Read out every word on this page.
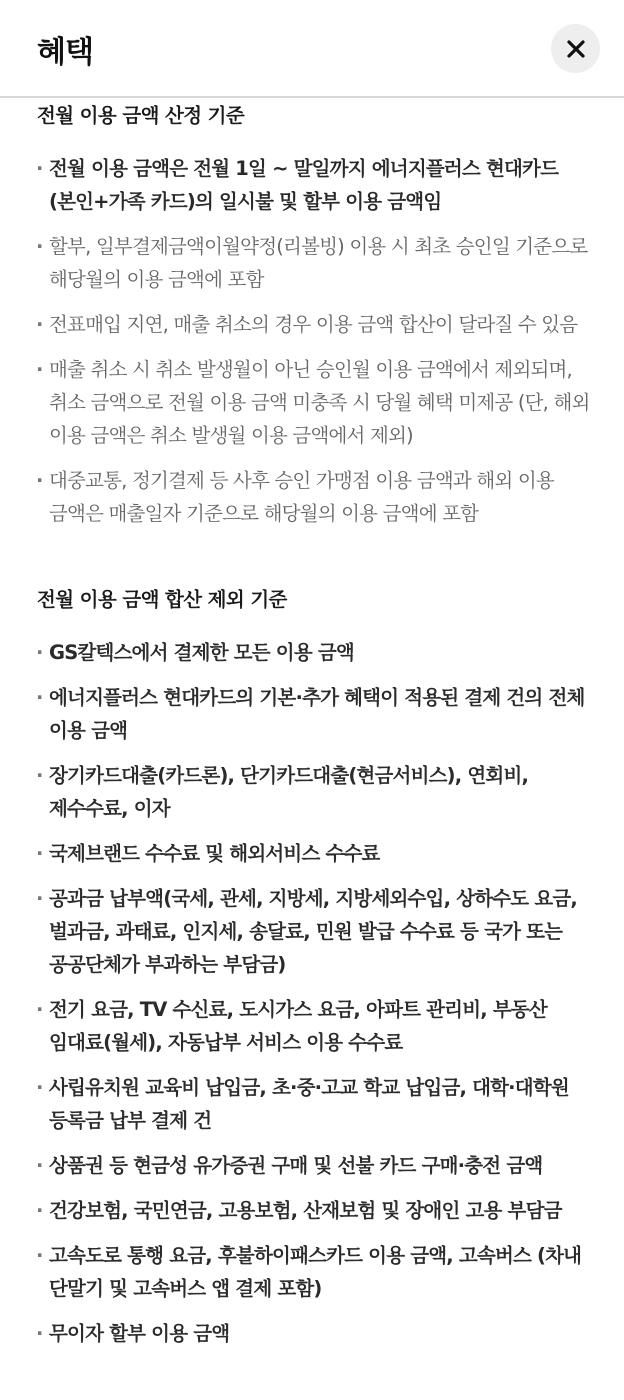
혜택
전월 이용 금액 산정 기준
· 전월 이용 금액은 전월 1일 ~ 말일까지 에너지플러스 현대카드 (본인+가족 카드)의 일시불 및 할부 이용 금액임
· 할부, 일부결제금액이월약정(리볼빙) 이용 시 최초 승인일 기준으로 해당월의 이용 금액에 포함
· 전표매입 지연, 매출 취소의 경우 이용 금액 합산이 달라질 수 있음
· 매출 취소 시 취소 발생월이 아닌 승인월 이용 금액에서 제외되며, 취소 금액으로 전월 이용 금액 미충족 시 당월 혜택 미제공 (단, 해외 이용 금액은 취소 발생월 이용 금액에서 제외)
· 대중교통, 정기결제 등 사후 승인 가맹점 이용 금액과 해외 이용 금액은 매출일자 기준으로 해당월의 이용 금액에 포함
전월 이용 금액 합산 제외 기준
· GS칼텍스에서 결제한 모든 이용 금액
· 에너지플러스 현대카드의 기본·추가 혜택이 적용된 결제 건의 전체 이용 금액
· 장기카드대출(카드론), 단기카드대출(현금서비스), 연회비, 제수수료, 이자
· 국제브랜드 수수료 및 해외서비스 수수료
· 공과금 납부액(국세, 관세, 지방세, 지방세외수입, 상하수도 요금, 벌과금, 과태료, 인지세, 송달료, 민원 발급 수수료 등 국가 또는 공공단체가 부과하는 부담금)
· 전기 요금, TV 수신료, 도시가스 요금, 아파트 관리비, 부동산 임대료(월세), 자동납부 서비스 이용 수수료
· 사립유치원 교육비 납입금, 초·중·고교 학교 납입금, 대학·대학원 등록금 납부 결제 건
· 상품권 등 현금성 유가증권 구매 및 선불 카드 구매·충전 금액
· 건강보험, 국민연금, 고용보험, 산재보험 및 장애인 고용 부담금
· 고속도로 통행 요금, 후불하이패스카드 이용 금액, 고속버스 (차내 단말기 및 고속버스 앱 결제 포함)
· 무이자 할부 이용 금액
